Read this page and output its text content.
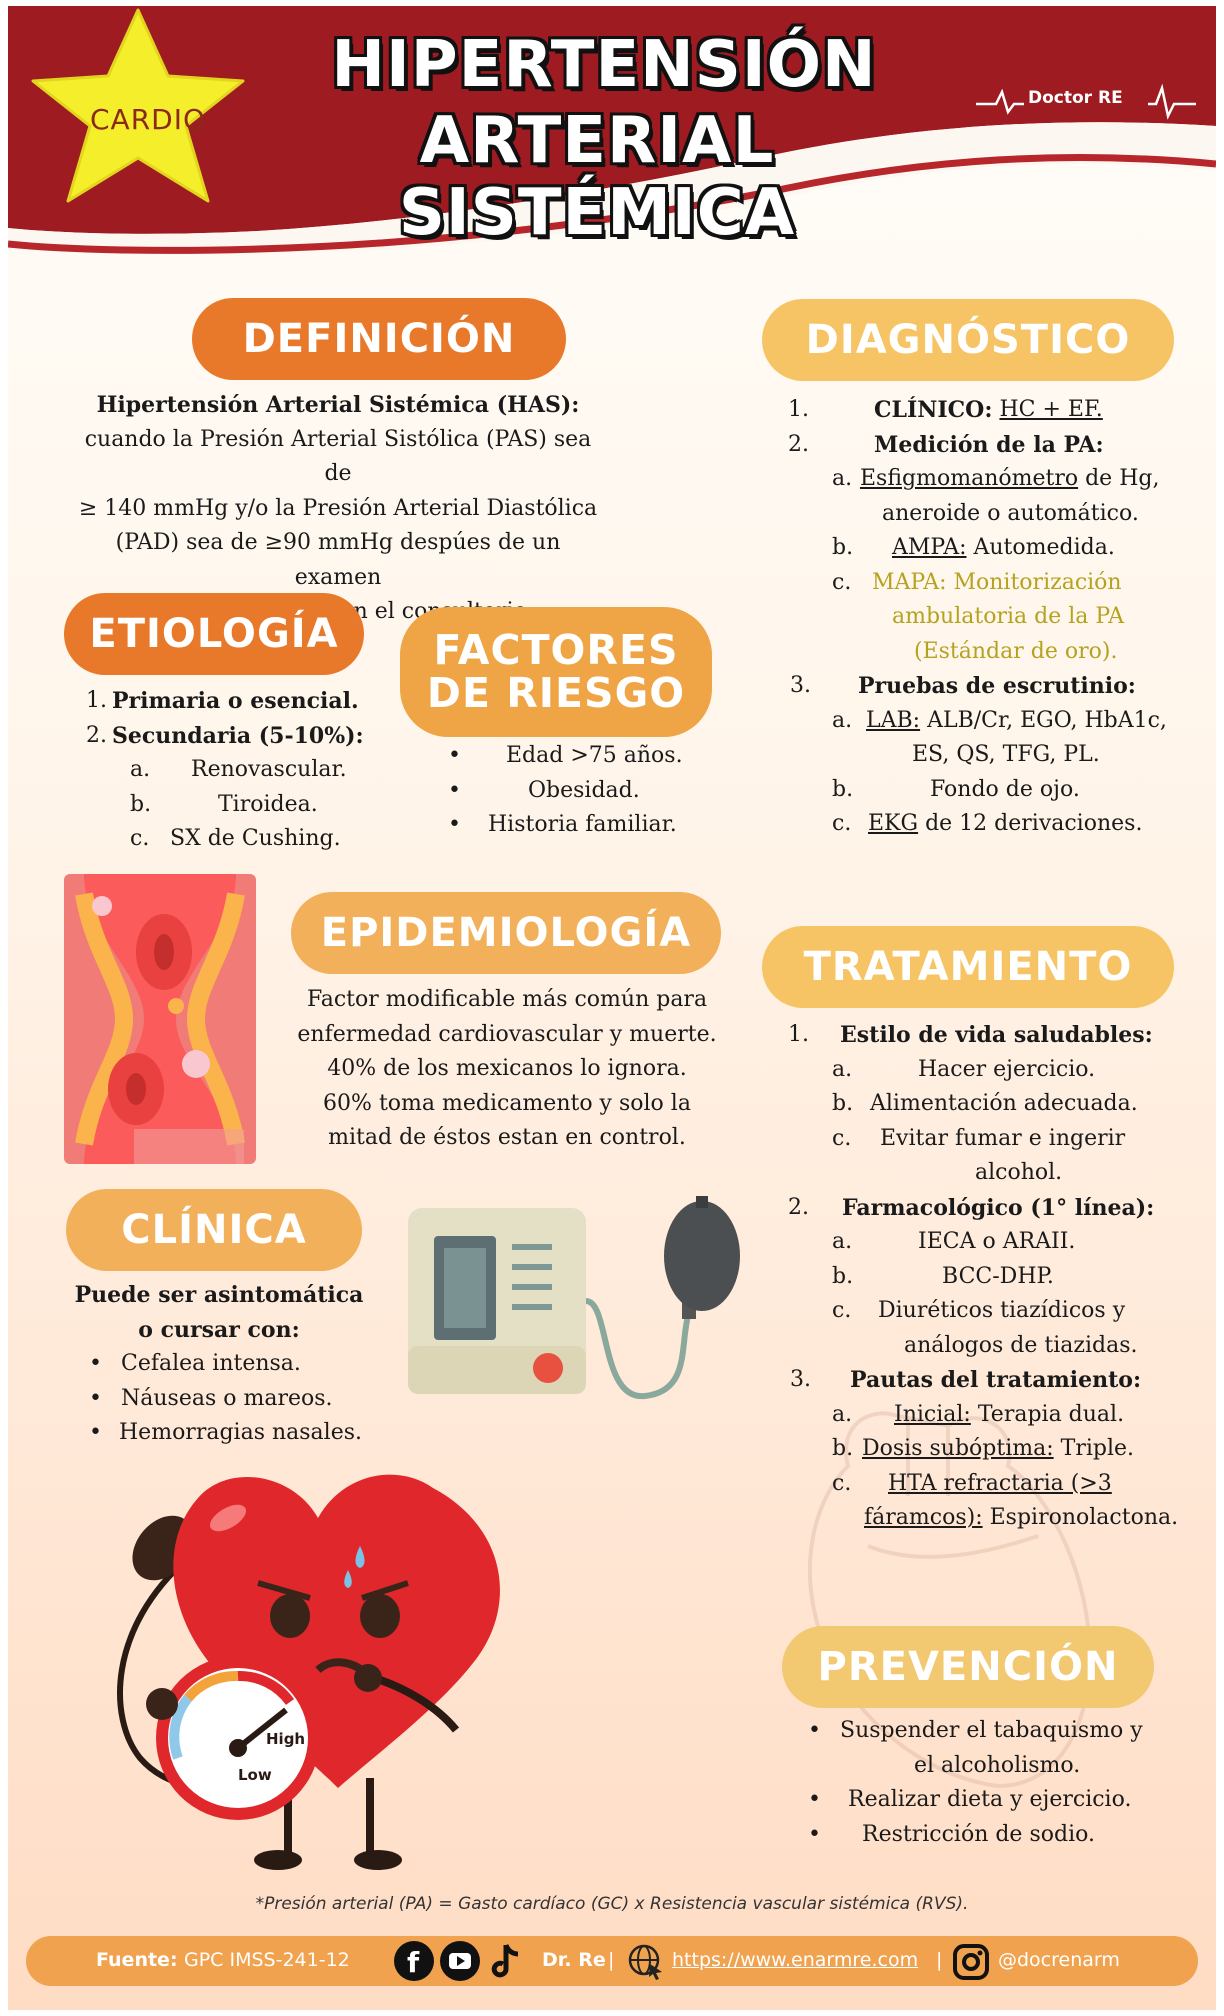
CARDIO
HIPERTENSIÓN
ARTERIAL
SISTÉMICA
Doctor RE
DEFINICIÓN
Hipertensión Arterial Sistémica (HAS):
cuando la Presión Arterial Sistólica (PAS) sea de
≥ 140 mmHg y/o la Presión Arterial Diastólica
(PAD) sea de ≥90 mmHg despúes de un examen
el
ETIOLOGÍA
1. Primaria o esencial.
2. Secundaria (5-10%):
a.	Renovascular.
b.	Tiroidea.
c. SX de Cushing.
FACTORES
DE RIESGO
•	Edad >75 años.
•	Obesidad.
•	Historia familiar.
EPIDEMIOLOGÍA
Factor modificable más común para
enfermedad cardiovascular y muerte.
40% de los mexicanos lo ignora.
60% toma medicamento y solo la
mitad de éstos estan en control.
CLÍNICA
Puede ser asintomática
o cursar con:
• Cefalea intensa.
• Náuseas o mareos.
• Hemorragias nasales.
High
Low
DIAGNÓSTICO
1.	CLÍNICO:
HC + EF.
2.	Medición de la PA:
a. Esfigmomanómetro
de Hg,
aneroide o automático.
b.	AMPA:
Automedida.
c. MAPA: Monitorización
ambulatoria de la PA
(Estándar de oro).
3.	Pruebas de escrutinio:
a. LAB:
ALB/Cr, EGO, HbA1c,
ES, QS, TFG, PL.
b.	Fondo de ojo.
c. EKG
de 12 derivaciones.
TRATAMIENTO
1.	Estilo de vida saludables:
a.	Hacer ejercicio.
b. Alimentación adecuada.
c.	Evitar fumar e ingerir
alcohol.
2.	Farmacológico (1° línea):
a.	IECA o ARAII.
b.	BCC-DHP.
c.	Diuréticos tiazídicos y
análogos de tiazidas.
3.	Pautas del tratamiento:
a.	Inicial:
Terapia dual.
b. Dosis subóptima:
Triple.
c.	HTA refractaria (>3
fáramcos):
Espironolactona.
PREVENCIÓN
• Suspender el tabaquismo y
el alcoholismo.
•	Realizar dieta y ejercicio.
•	Restricción de sodio.
*Presión arterial (PA) = Gasto cardíaco (GC) x Resistencia vascular sistémica (RVS).
Fuente: GPC IMSS-241-12 f	Dr. Re |	https://www.enarmre.com |	@docrenarm
